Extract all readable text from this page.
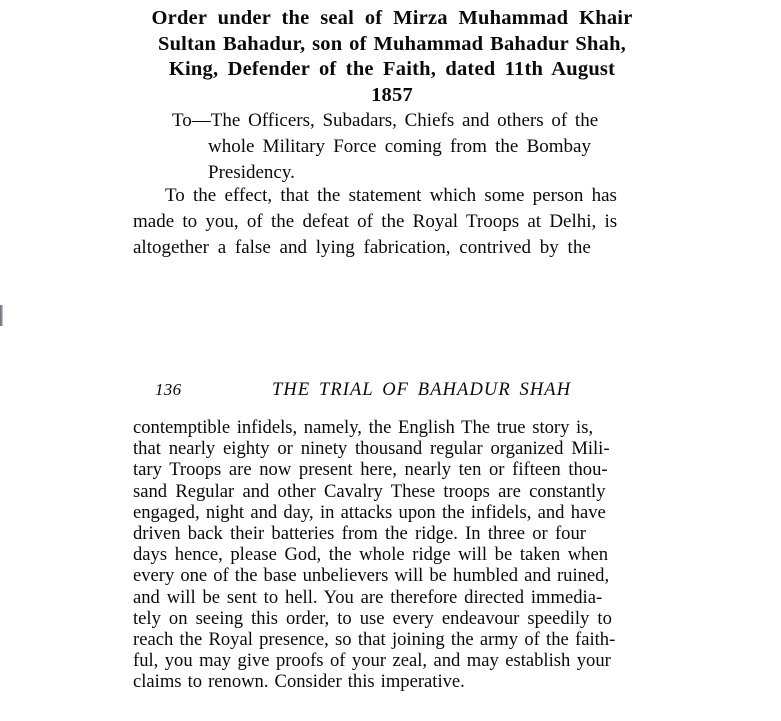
Order under the seal of Mirza Muhammad Khair
Sultan Bahadur, son of Muhammad Bahadur Shah,
King, Defender of the Faith, dated 11th August
1857
To—The Officers, Subadars, Chiefs and others of the
whole Military Force coming from the Bombay
Presidency.
To the effect, that the statement which some person has
made to you, of the defeat of the Royal Troops at Delhi, is
altogether a false and lying fabrication, contrived by the
136	THE TRIAL OF BAHADUR SHAH
contemptible infidels, namely, the English The true story is,
that nearly eighty or ninety thousand regular organized Mili-
tary Troops are now present here, nearly ten or fifteen thou-
sand Regular and other Cavalry These troops are constantly
engaged, night and day, in attacks upon the infidels, and have
driven back their batteries from the ridge. In three or four
days hence, please God, the whole ridge will be taken when
every one of the base unbelievers will be humbled and ruined,
and will be sent to hell. You are therefore directed immedia-
tely on seeing this order, to use every endeavour speedily to
reach the Royal presence, so that joining the army of the faith-
ful, you may give proofs of your zeal, and may establish your
claims to renown. Consider this imperative.
